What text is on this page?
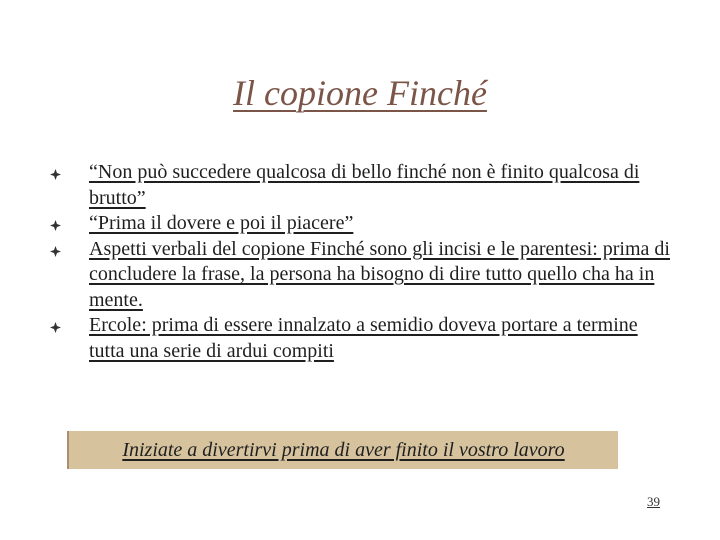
Il copione Finché
“Non può succedere qualcosa di bello finché non è finito qualcosa di brutto”
“Prima il dovere e poi il piacere”
Aspetti verbali del copione Finché sono gli incisi e le parentesi: prima di concludere la frase, la persona ha bisogno di dire tutto quello cha ha in mente.
Ercole: prima di essere innalzato a semidio doveva portare a termine tutta una serie di ardui compiti
Iniziate a divertirvi prima di aver finito il vostro lavoro
39
